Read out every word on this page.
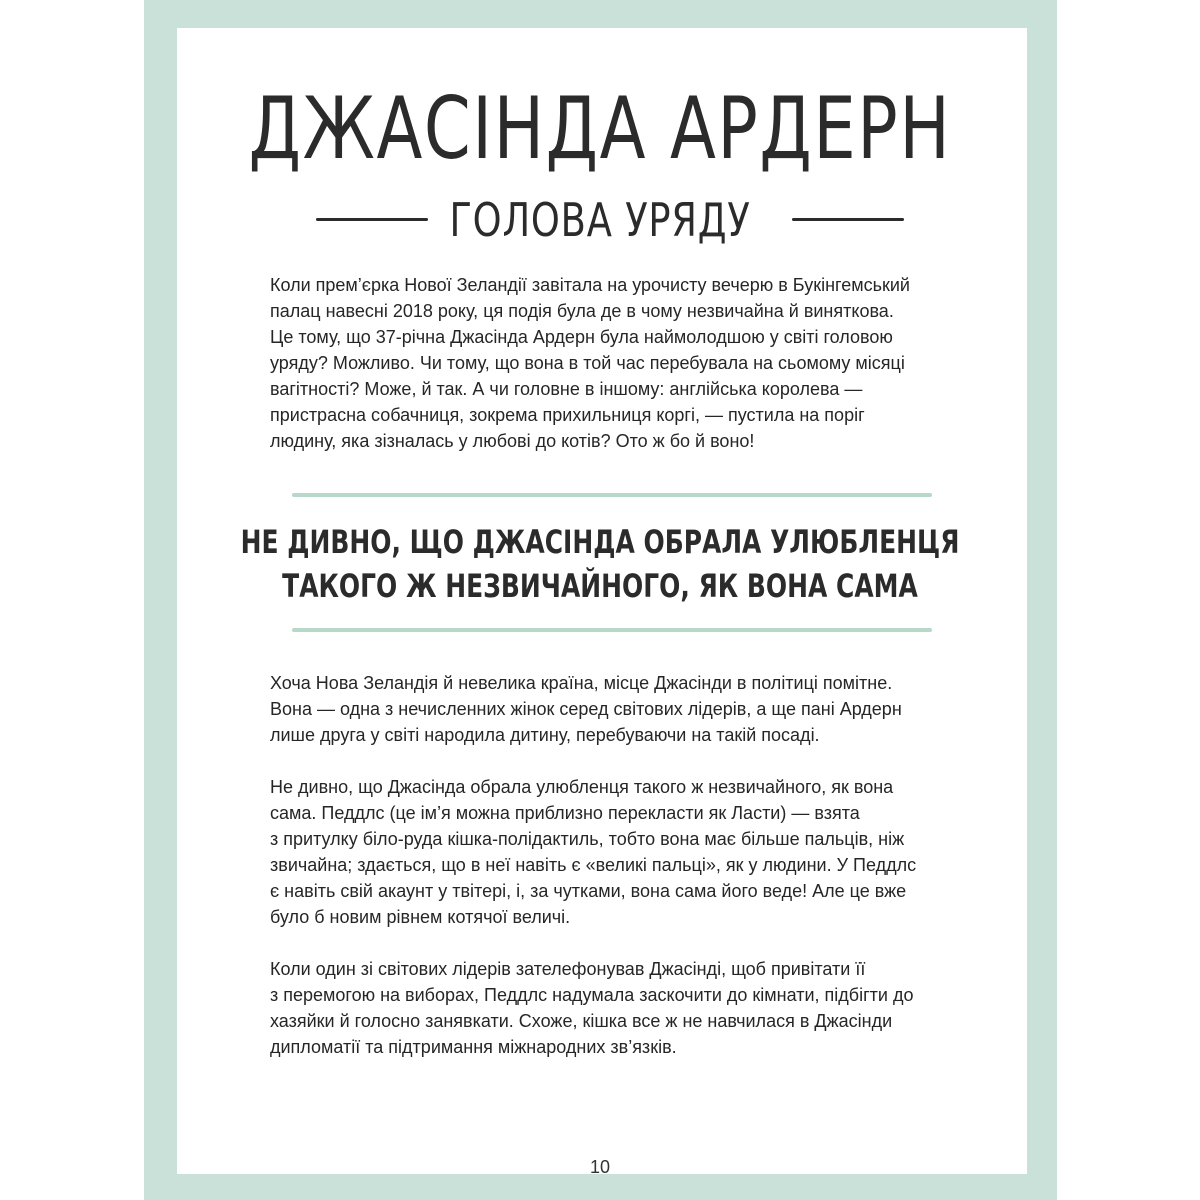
ДЖАСІНДА АРДЕРН
ГОЛОВА УРЯДУ

Коли прем’єрка Нової Зеландії завітала на урочисту вечерю в Букінгемський
палац навесні 2018 року, ця подія була де в чому незвичайна й виняткова.
Це тому, що 37-річна Джасінда Ардерн була наймолодшою у світі головою
уряду? Можливо. Чи тому, що вона в той час перебувала на сьомому місяці
вагітності? Може, й так. А чи головне в іншому: англійська королева —
пристрасна собачниця, зокрема прихильниця коргі, — пустила на поріг
людину, яка зізналась у любові до котів? Ото ж бо й воно!

НЕ ДИВНО, ЩО ДЖАСІНДА ОБРАЛА УЛЮБЛЕНЦЯ
ТАКОГО Ж НЕЗВИЧАЙНОГО, ЯК ВОНА САМА

Хоча Нова Зеландія й невелика країна, місце Джасінди в політиці помітне.
Вона — одна з нечисленних жінок серед світових лідерів, а ще пані Ардерн
лише друга у світі народила дитину, перебуваючи на такій посаді.

Не дивно, що Джасінда обрала улюбленця такого ж незвичайного, як вона
сама. Педдлс (це ім’я можна приблизно перекласти як Ласти) — взята
з притулку біло-руда кішка-полідактиль, тобто вона має більше пальців, ніж
звичайна; здається, що в неї навіть є «великі пальці», як у людини. У Педдлс
є навіть свій акаунт у твітері, і, за чутками, вона сама його веде! Але це вже
було б новим рівнем котячої величі.

Коли один зі світових лідерів зателефонував Джасінді, щоб привітати її
з перемогою на виборах, Педдлс надумала заскочити до кімнати, підбігти до
хазяйки й голосно занявкати. Схоже, кішка все ж не навчилася в Джасінди
дипломатії та підтримання міжнародних зв’язків.

10
